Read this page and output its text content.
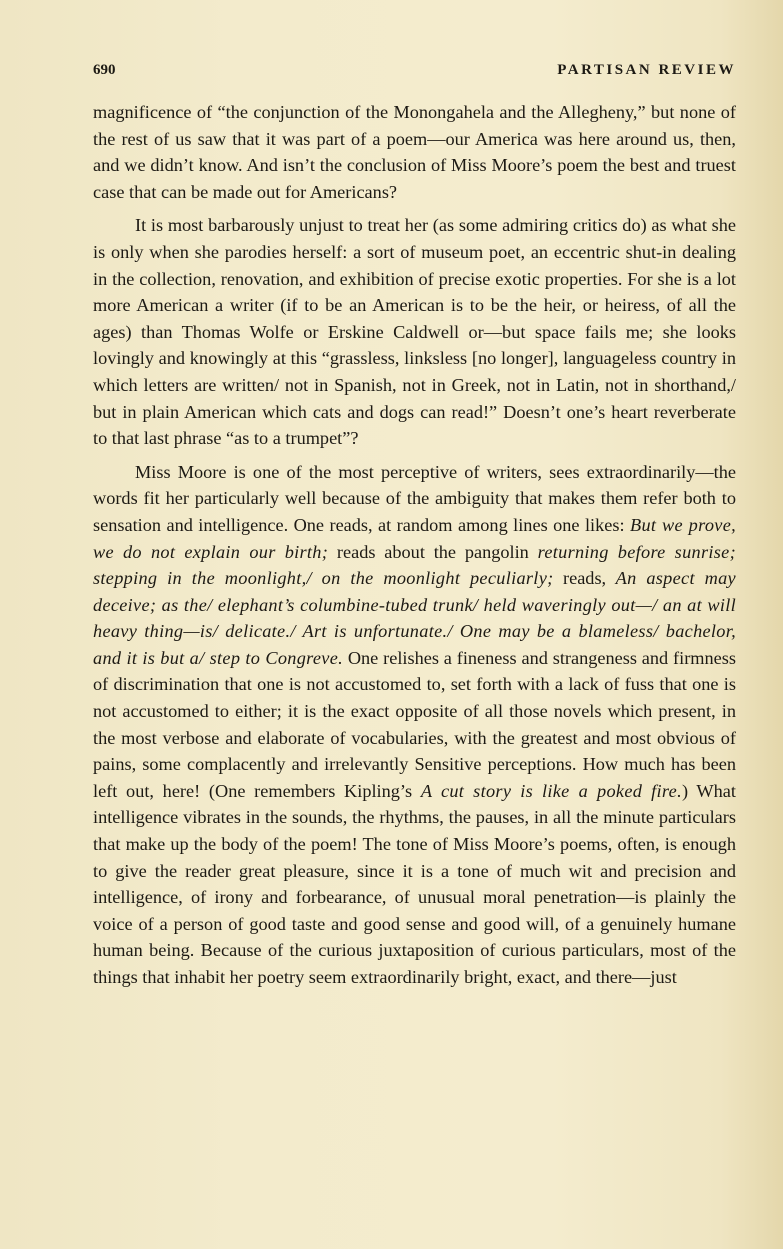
690	PARTISAN REVIEW

magnificence of “the conjunction of the Monongahela and the Allegheny,” but none of the rest of us saw that it was part of a poem—our America was here around us, then, and we didn’t know. And isn’t the conclusion of Miss Moore’s poem the best and truest case that can be made out for Americans?

It is most barbarously unjust to treat her (as some admiring critics do) as what she is only when she parodies herself: a sort of museum poet, an eccentric shut-in dealing in the collection, renovation, and exhibition of precise exotic properties. For she is a lot more American a writer (if to be an American is to be the heir, or heiress, of all the ages) than Thomas Wolfe or Erskine Caldwell or—but space fails me; she looks lovingly and knowingly at this “grassless, linksless [no longer], languageless country in which letters are written/ not in Spanish, not in Greek, not in Latin, not in shorthand,/ but in plain American which cats and dogs can read!” Doesn’t one’s heart reverberate to that last phrase “as to a trumpet”?

Miss Moore is one of the most perceptive of writers, sees extraordinarily—the words fit her particularly well because of the ambiguity that makes them refer both to sensation and intelligence. One reads, at random among lines one likes: But we prove, we do not explain our birth; reads about the pangolin returning before sunrise; stepping in the moonlight,/ on the moonlight peculiarly; reads, An aspect may deceive; as the/ elephant’s columbine-tubed trunk/ held waveringly out—/ an at will heavy thing—is/ delicate./ Art is unfortunate./ One may be a blameless/ bachelor, and it is but a/ step to Congreve. One relishes a fineness and strangeness and firmness of discrimination that one is not accustomed to, set forth with a lack of fuss that one is not accustomed to either; it is the exact opposite of all those novels which present, in the most verbose and elaborate of vocabularies, with the greatest and most obvious of pains, some complacently and irrelevantly Sensitive perceptions. How much has been left out, here! (One remembers Kipling’s A cut story is like a poked fire.) What intelligence vibrates in the sounds, the rhythms, the pauses, in all the minute particulars that make up the body of the poem! The tone of Miss Moore’s poems, often, is enough to give the reader great pleasure, since it is a tone of much wit and precision and intelligence, of irony and forbearance, of unusual moral penetration—is plainly the voice of a person of good taste and good sense and good will, of a genuinely humane human being. Because of the curious juxtaposition of curious particulars, most of the things that inhabit her poetry seem extraordinarily bright, exact, and there—just
